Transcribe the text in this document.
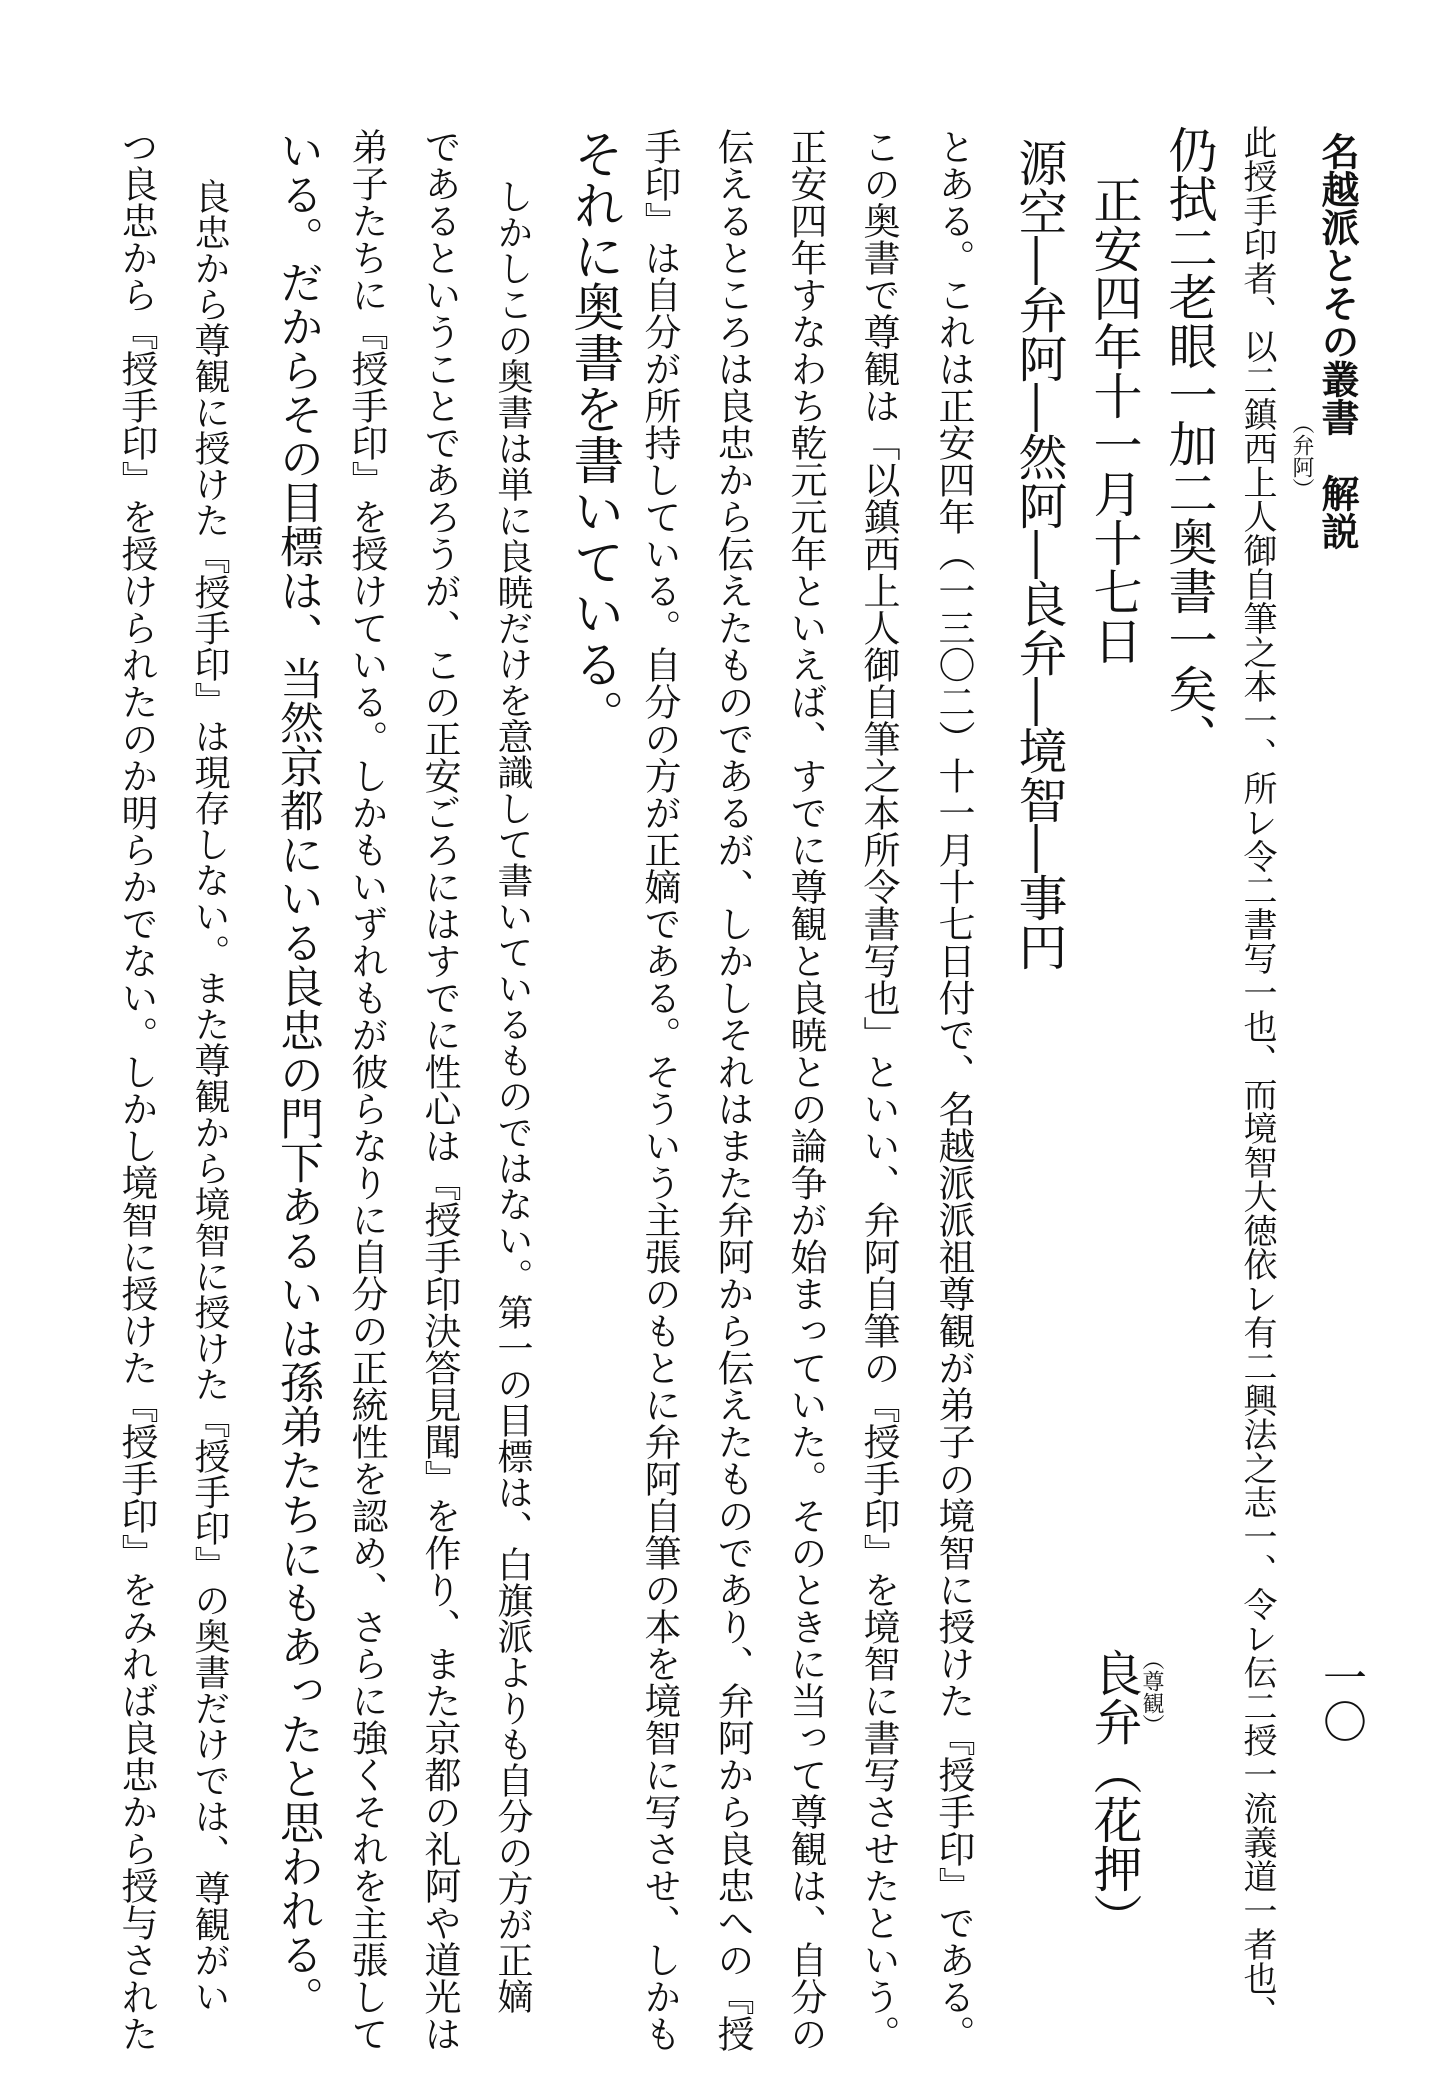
名越派とその叢書　解説
一〇
此授手印者、以二鎮西上人御自筆之本一、所レ令二書写一也、而境智大徳依レ有二興法之志一、令レ伝二授一流義道一者也、 （弁阿）
仍拭二老眼一加二奥書一矣、
正安四年十一月十七日
良弁（花押）
（尊観）
源空―弁阿―然阿―良弁―境智―事円
とある。これは正安四年（一三〇二）十一月十七日付で、名越派派祖尊観が弟子の境智に授けた『授手印』である。
この奥書で尊観は「以鎮西上人御自筆之本所令書写也」といい、弁阿自筆の『授手印』を境智に書写させたという。
正安四年すなわち乾元元年といえば、すでに尊観と良暁との論争が始まっていた。そのときに当って尊観は、自分の
伝えるところは良忠から伝えたものであるが、しかしそれはまた弁阿から伝えたものであり、弁阿から良忠への『授
手印』は自分が所持している。自分の方が正嫡である。そういう主張のもとに弁阿自筆の本を境智に写させ、しかも
それに奥書を書いている。
しかしこの奥書は単に良暁だけを意識して書いているものではない。第一の目標は、白旗派よりも自分の方が正嫡
であるということであろうが、この正安ごろにはすでに性心は『授手印決答見聞』を作り、また京都の礼阿や道光は
弟子たちに『授手印』を授けている。しかもいずれもが彼らなりに自分の正統性を認め、さらに強くそれを主張して
いる。だからその目標は、当然京都にいる良忠の門下あるいは孫弟たちにもあったと思われる。
良忠から尊観に授けた『授手印』は現存しない。また尊観から境智に授けた『授手印』の奥書だけでは、尊観がい
つ良忠から『授手印』を授けられたのか明らかでない。しかし境智に授けた『授手印』をみれば良忠から授与された
